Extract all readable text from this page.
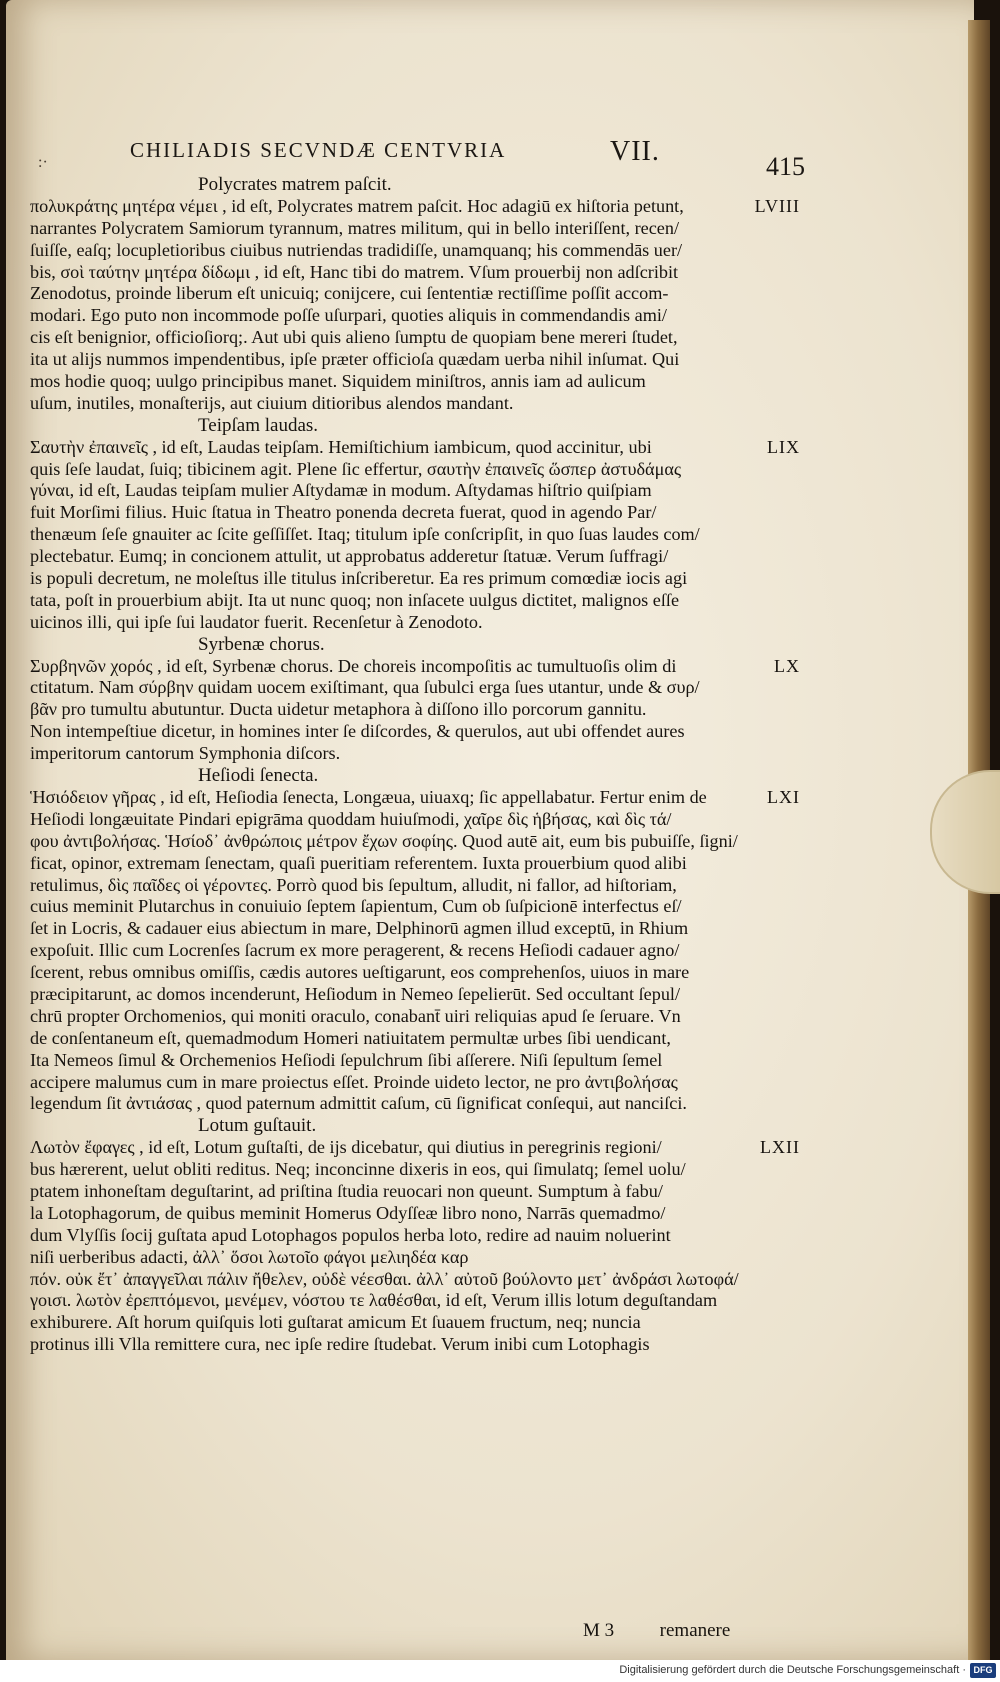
:·
CHILIADIS SECVNDÆ CENTVRIA	VII.	415
Polycrates matrem paſcit.
LVIII
πολυκράτης μητέρα νέμει , id eſt, Polycrates matrem paſcit. Hoc adagiū ex hiſtoria petunt,
narrantes Polycratem Samiorum tyrannum, matres militum, qui in bello interiſſent, recen/
ſuiſſe, eaſq; locupletioribus ciuibus nutriendas tradidiſſe, unamquanq; his commendās uer/
bis, σοὶ ταύτην μητέρα δίδωμι , id eſt, Hanc tibi do matrem. Vſum prouerbij non adſcribit
Zenodotus, proinde liberum eſt unicuiq; conijcere, cui ſententiæ rectiſſime poſſit accom-
modari. Ego puto non incommode poſſe uſurpari, quoties aliquis in commendandis ami/
cis eſt benignior, officioſiorq;. Aut ubi quis alieno ſumptu de quopiam bene mereri ſtudet,
ita ut alijs nummos impendentibus, ipſe præter officioſa quædam uerba nihil inſumat. Qui
mos hodie quoq; uulgo principibus manet. Siquidem miniſtros, annis iam ad aulicum
uſum, inutiles, monaſterijs, aut ciuium ditioribus alendos mandant.
Teipſam laudas.
LIX
Σαυτὴν ἐπαινεῖς , id eſt, Laudas teipſam. Hemiſtichium iambicum, quod accinitur, ubi
quis ſeſe laudat, ſuiq; tibicinem agit. Plene ſic effertur, σαυτὴν ἐπαινεῖς ὥσπερ ἀστυδάμας
γύναι, id eſt, Laudas teipſam mulier Aſtydamæ in modum. Aſtydamas hiſtrio quiſpiam
fuit Morſimi filius. Huic ſtatua in Theatro ponenda decreta fuerat, quod in agendo Par/
thenæum ſeſe gnauiter ac ſcite geſſiſſet. Itaq; titulum ipſe conſcripſit, in quo ſuas laudes com/
plectebatur. Eumq; in concionem attulit, ut approbatus adderetur ſtatuæ. Verum ſuffragi/
is populi decretum, ne moleſtus ille titulus inſcriberetur. Ea res primum comœdiæ iocis agi
tata, poſt in prouerbium abijt. Ita ut nunc quoq; non inſacete uulgus dictitet, malignos eſſe
uicinos illi, qui ipſe ſui laudator fuerit. Recenſetur à Zenodoto.
Syrbenæ chorus.
LX
Συρβηνῶν χορός , id eſt, Syrbenæ chorus. De choreis incompoſitis ac tumultuoſis olim di
ctitatum. Nam σύρβην quidam uocem exiſtimant, qua ſubulci erga ſues utantur, unde & συρ/
βᾶν pro tumultu abutuntur. Ducta uidetur metaphora à diſſono illo porcorum gannitu.
Non intempeſtiue dicetur, in homines inter ſe diſcordes, & querulos, aut ubi offendet aures
imperitorum cantorum Symphonia diſcors.
Heſiodi ſenecta.
LXI
Ἡσιόδειον γῆρας , id eſt, Heſiodia ſenecta, Longæua, uiuaxq; ſic appellabatur. Fertur enim de
Heſiodi longæuitate Pindari epigrāma quoddam huiuſmodi, χαῖρε δὶς ἡβήσας, καὶ δὶς τά/
φου ἀντιβολήσας. Ἡσίοδ᾽ ἀνθρώποις μέτρον ἔχων σοφίης. Quod autē ait, eum bis pubuiſſe, ſigni/
ficat, opinor, extremam ſenectam, quaſi pueritiam referentem. Iuxta prouerbium quod alibi
retulimus, δὶς παῖδες οἱ γέροντες. Porrò quod bis ſepultum, alludit, ni fallor, ad hiſtoriam,
cuius meminit Plutarchus in conuiuio ſeptem ſapientum, Cum ob ſuſpicionē interfectus eſ/
ſet in Locris, & cadauer eius abiectum in mare, Delphinorū agmen illud exceptū, in Rhium
expoſuit. Illic cum Locrenſes ſacrum ex more peragerent, & recens Heſiodi cadauer agno/
ſcerent, rebus omnibus omiſſis, cædis autores ueſtigarunt, eos comprehenſos, uiuos in mare
præcipitarunt, ac domos incenderunt, Heſiodum in Nemeo ſepelierūt. Sed occultant ſepul/
chrū propter Orchomenios, qui moniti oraculo, conabant̄ uiri reliquias apud ſe ſeruare. Vn
de conſentaneum eſt, quemadmodum Homeri natiuitatem permultæ urbes ſibi uendicant,
Ita Nemeos ſimul & Orchemenios Heſiodi ſepulchrum ſibi aſſerere. Niſi ſepultum ſemel
accipere malumus cum in mare proiectus eſſet. Proinde uideto lector, ne pro ἀντιβολήσας
legendum ſit ἀντιάσας , quod paternum admittit caſum, cū ſignificat conſequi, aut nanciſci.
Lotum guſtauit.
LXII
Λωτὸν ἔφαγες , id eſt, Lotum guſtaſti, de ijs dicebatur, qui diutius in peregrinis regioni/
bus hærerent, uelut obliti reditus. Neq; inconcinne dixeris in eos, qui ſimulatq; ſemel uolu/
ptatem inhoneſtam deguſtarint, ad priſtina ſtudia reuocari non queunt. Sumptum à fabu/
la Lotophagorum, de quibus meminit Homerus Odyſſeæ libro nono, Narrās quemadmo/
dum Vlyſſis ſocij guſtata apud Lotophagos populos herba loto, redire ad nauim noluerint
niſi uerberibus adacti, ἀλλ᾽ ὅσοι λωτοῖο φάγοι μελιηδέα καρ
πόν. οὐκ ἔτ᾽ ἀπαγγεῖλαι πάλιν ἤθελεν, οὐδὲ νέεσθαι. ἀλλ᾽ αὐτοῦ βούλοντο μετ᾽ ἀνδράσι λωτοφά/
γοισι. λωτὸν ἐρεπτόμενοι, μενέμεν, νόστου τε λαθέσθαι, id eſt, Verum illis lotum deguſtandam
exhiburere. Aſt horum quiſquis loti guſtarat amicum Et ſuauem fructum, neq; nuncia
protinus illi Vlla remittere cura, nec ipſe redire ſtudebat. Verum inibi cum Lotophagis
M 3 remanere
Digitalisierung gefördert durch die Deutsche Forschungsgemeinschaft · DFG
